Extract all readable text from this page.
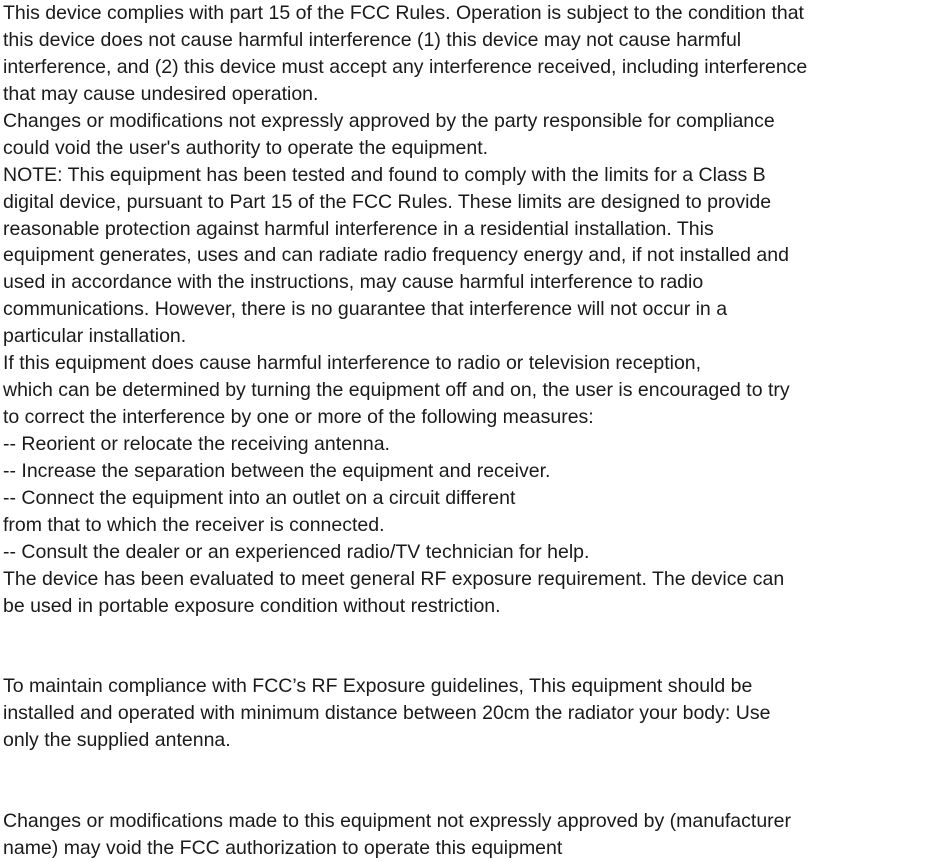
This device complies with part 15 of the FCC Rules. Operation is subject to the condition that
this device does not cause harmful interference (1) this device may not cause harmful
interference, and (2) this device must accept any interference received, including interference
that may cause undesired operation.
Changes or modifications not expressly approved by the party responsible for compliance
could void the user's authority to operate the equipment.
NOTE: This equipment has been tested and found to comply with the limits for a Class B
digital device, pursuant to Part 15 of the FCC Rules. These limits are designed to provide
reasonable protection against harmful interference in a residential installation. This
equipment generates, uses and can radiate radio frequency energy and, if not installed and
used in accordance with the instructions, may cause harmful interference to radio
communications. However, there is no guarantee that interference will not occur in a
particular installation.
If this equipment does cause harmful interference to radio or television reception,
which can be determined by turning the equipment off and on, the user is encouraged to try
to correct the interference by one or more of the following measures:
-- Reorient or relocate the receiving antenna.
-- Increase the separation between the equipment and receiver.
-- Connect the equipment into an outlet on a circuit different
from that to which the receiver is connected.
-- Consult the dealer or an experienced radio/TV technician for help.
The device has been evaluated to meet general RF exposure requirement. The device can
be used in portable exposure condition without restriction.
To maintain compliance with FCC’s RF Exposure guidelines, This equipment should be
installed and operated with minimum distance between 20cm the radiator your body: Use
only the supplied antenna.
Changes or modifications made to this equipment not expressly approved by (manufacturer
name) may void the FCC authorization to operate this equipment
